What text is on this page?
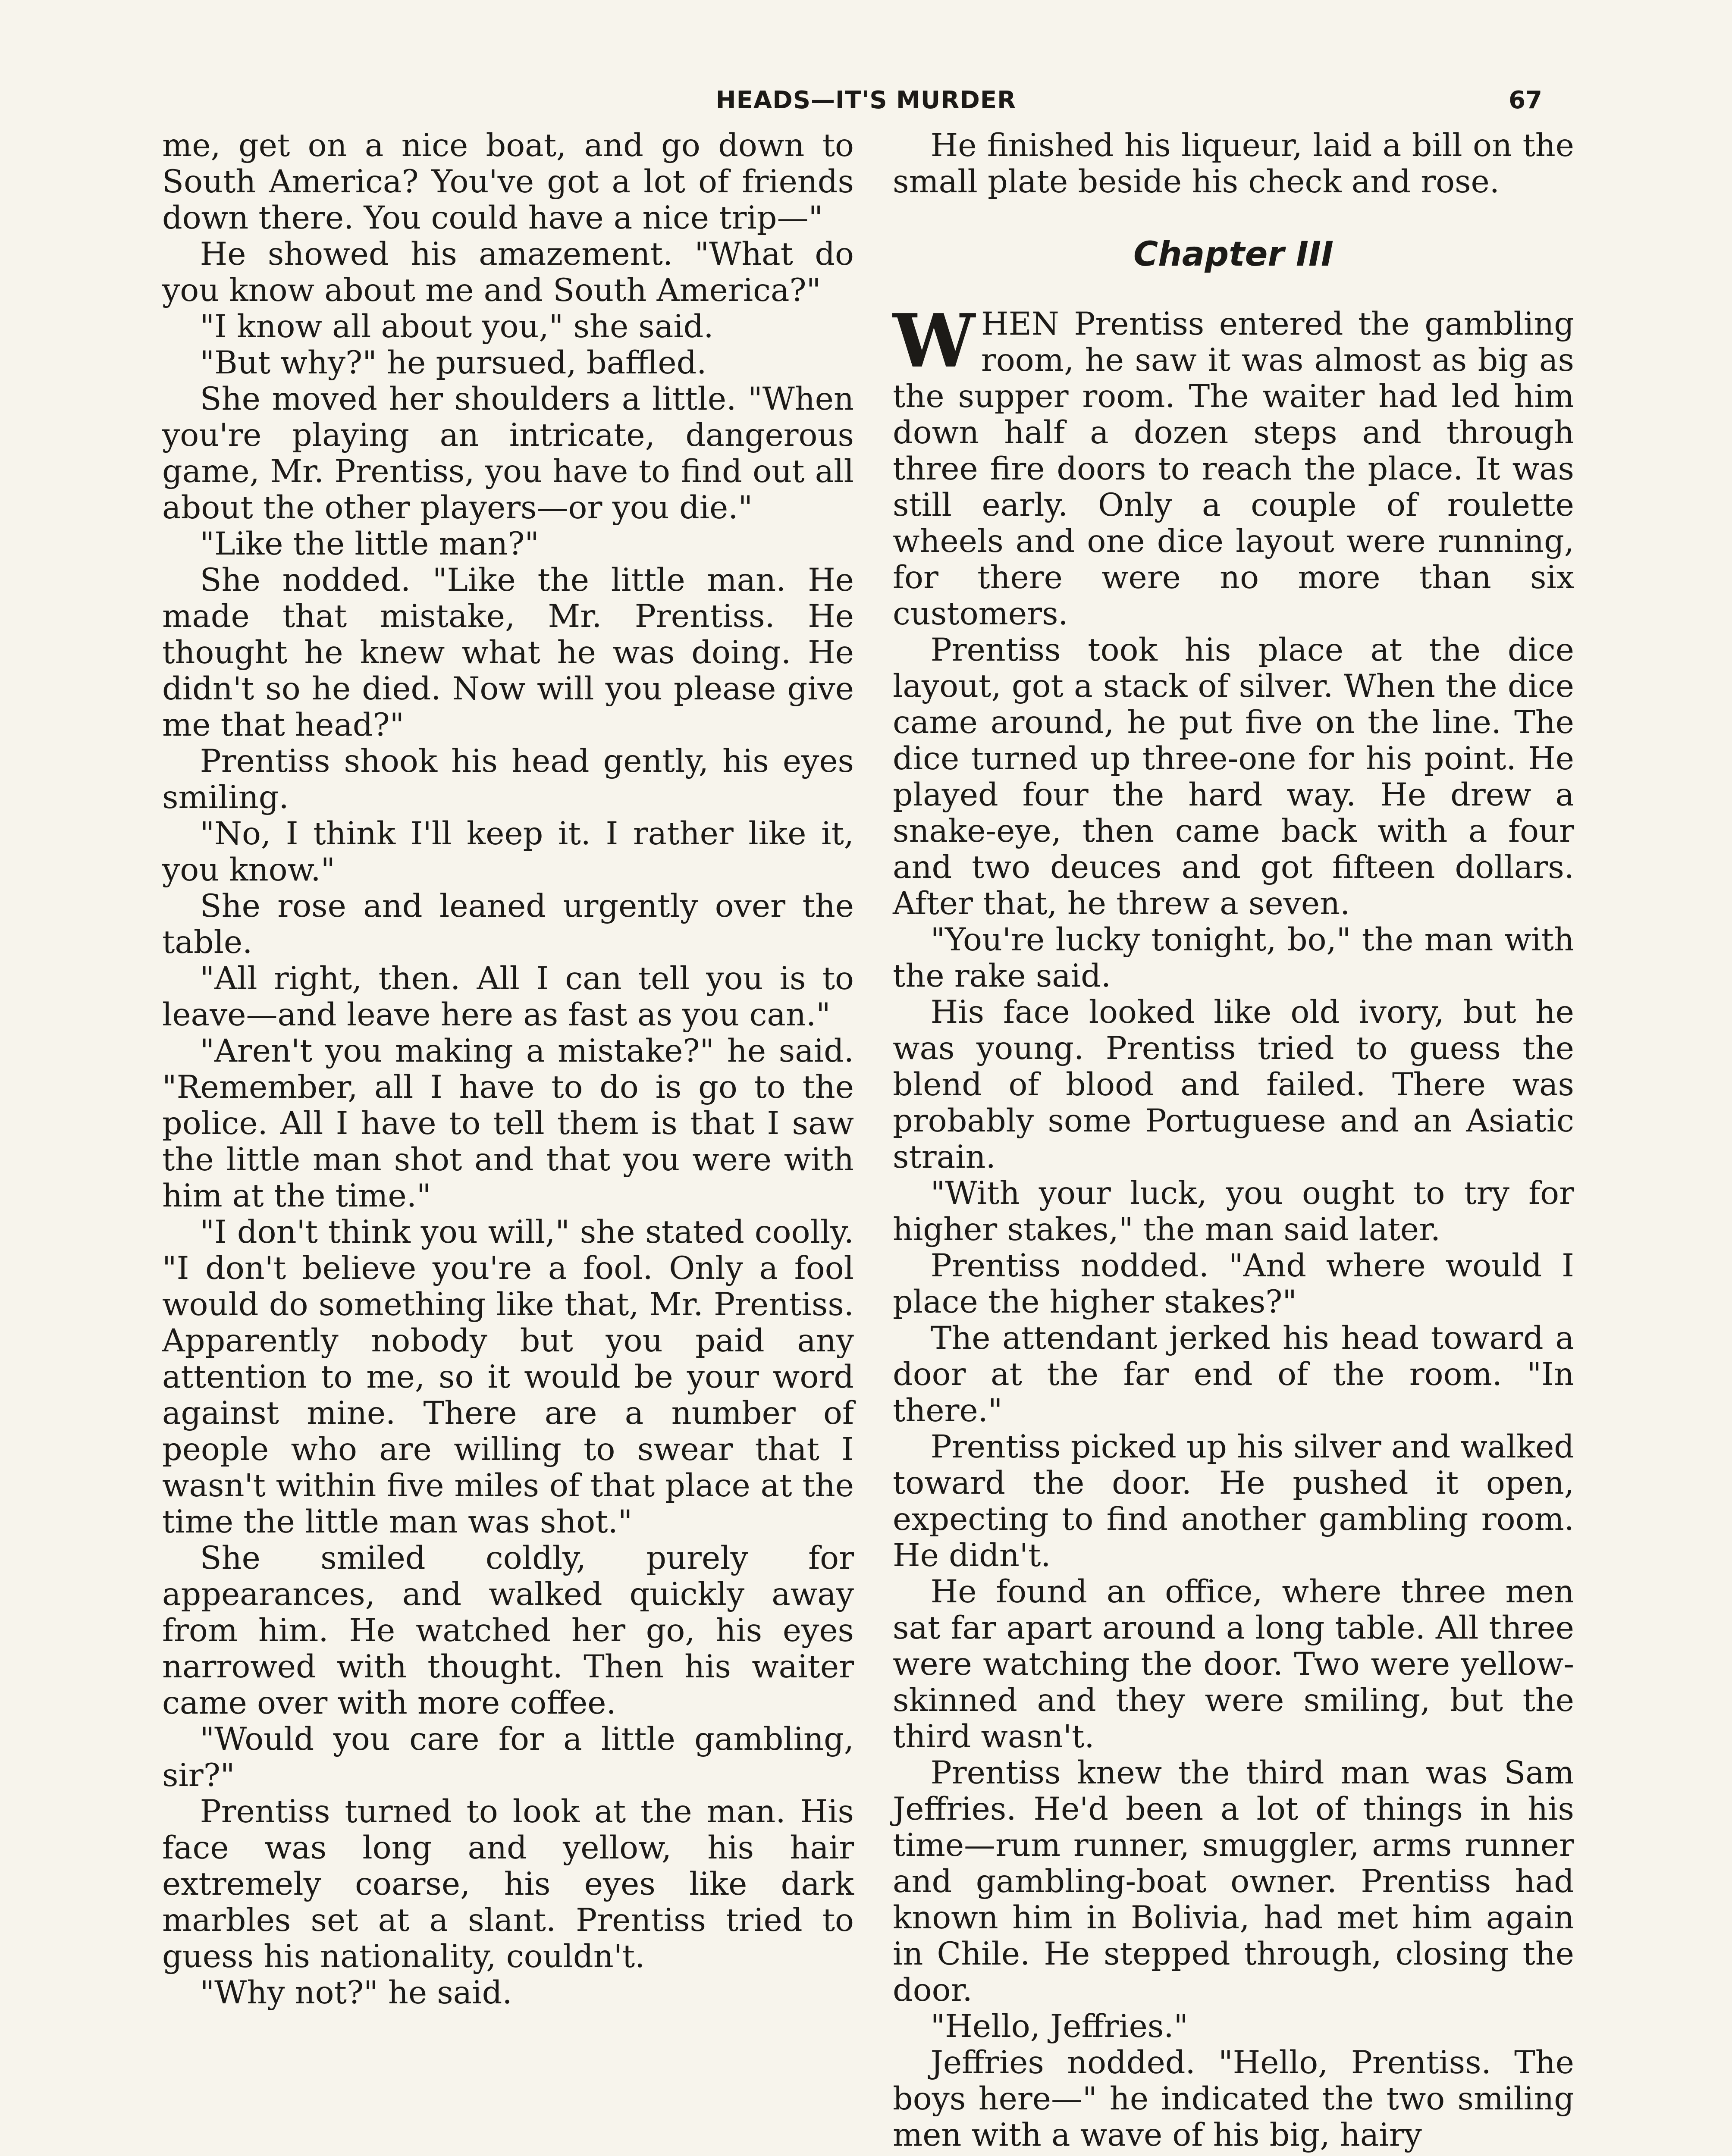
HEADS—IT'S MURDER	67

me, get on a nice boat, and go down to South America? You've got a lot of friends down there. You could have a nice trip—"

He showed his amazement. "What do you know about me and South America?"

"I know all about you," she said.

"But why?" he pursued, baffled.

She moved her shoulders a little. "When you're playing an intricate, dangerous game, Mr. Prentiss, you have to find out all about the other players—or you die."

"Like the little man?"

She nodded. "Like the little man. He made that mistake, Mr. Prentiss. He thought he knew what he was doing. He didn't so he died. Now will you please give me that head?"

Prentiss shook his head gently, his eyes smiling.

"No, I think I'll keep it. I rather like it, you know."

She rose and leaned urgently over the table.

"All right, then. All I can tell you is to leave—and leave here as fast as you can."

"Aren't you making a mistake?" he said. "Remember, all I have to do is go to the police. All I have to tell them is that I saw the little man shot and that you were with him at the time."

"I don't think you will," she stated coolly. "I don't believe you're a fool. Only a fool would do something like that, Mr. Prentiss. Apparently nobody but you paid any attention to me, so it would be your word against mine. There are a number of people who are willing to swear that I wasn't within five miles of that place at the time the little man was shot."

She smiled coldly, purely for appearances, and walked quickly away from him. He watched her go, his eyes narrowed with thought. Then his waiter came over with more coffee.

"Would you care for a little gambling, sir?"

Prentiss turned to look at the man. His face was long and yellow, his hair extremely coarse, his eyes like dark marbles set at a slant. Prentiss tried to guess his nationality, couldn't.

"Why not?" he said.

He finished his liqueur, laid a bill on the small plate beside his check and rose.

Chapter III

WHEN Prentiss entered the gambling room, he saw it was almost as big as the supper room. The waiter had led him down half a dozen steps and through three fire doors to reach the place. It was still early. Only a couple of roulette wheels and one dice layout were running, for there were no more than six customers.

Prentiss took his place at the dice layout, got a stack of silver. When the dice came around, he put five on the line. The dice turned up three-one for his point. He played four the hard way. He drew a snake-eye, then came back with a four and two deuces and got fifteen dollars. After that, he threw a seven.

"You're lucky tonight, bo," the man with the rake said.

His face looked like old ivory, but he was young. Prentiss tried to guess the blend of blood and failed. There was probably some Portuguese and an Asiatic strain.

"With your luck, you ought to try for higher stakes," the man said later.

Prentiss nodded. "And where would I place the higher stakes?"

The attendant jerked his head toward a door at the far end of the room. "In there."

Prentiss picked up his silver and walked toward the door. He pushed it open, expecting to find another gambling room. He didn't.

He found an office, where three men sat far apart around a long table. All three were watching the door. Two were yellow-skinned and they were smiling, but the third wasn't.

Prentiss knew the third man was Sam Jeffries. He'd been a lot of things in his time—rum runner, smuggler, arms runner and gambling-boat owner. Prentiss had known him in Bolivia, had met him again in Chile. He stepped through, closing the door.

"Hello, Jeffries."

Jeffries nodded. "Hello, Prentiss. The boys here—" he indicated the two smiling men with a wave of his big, hairy
